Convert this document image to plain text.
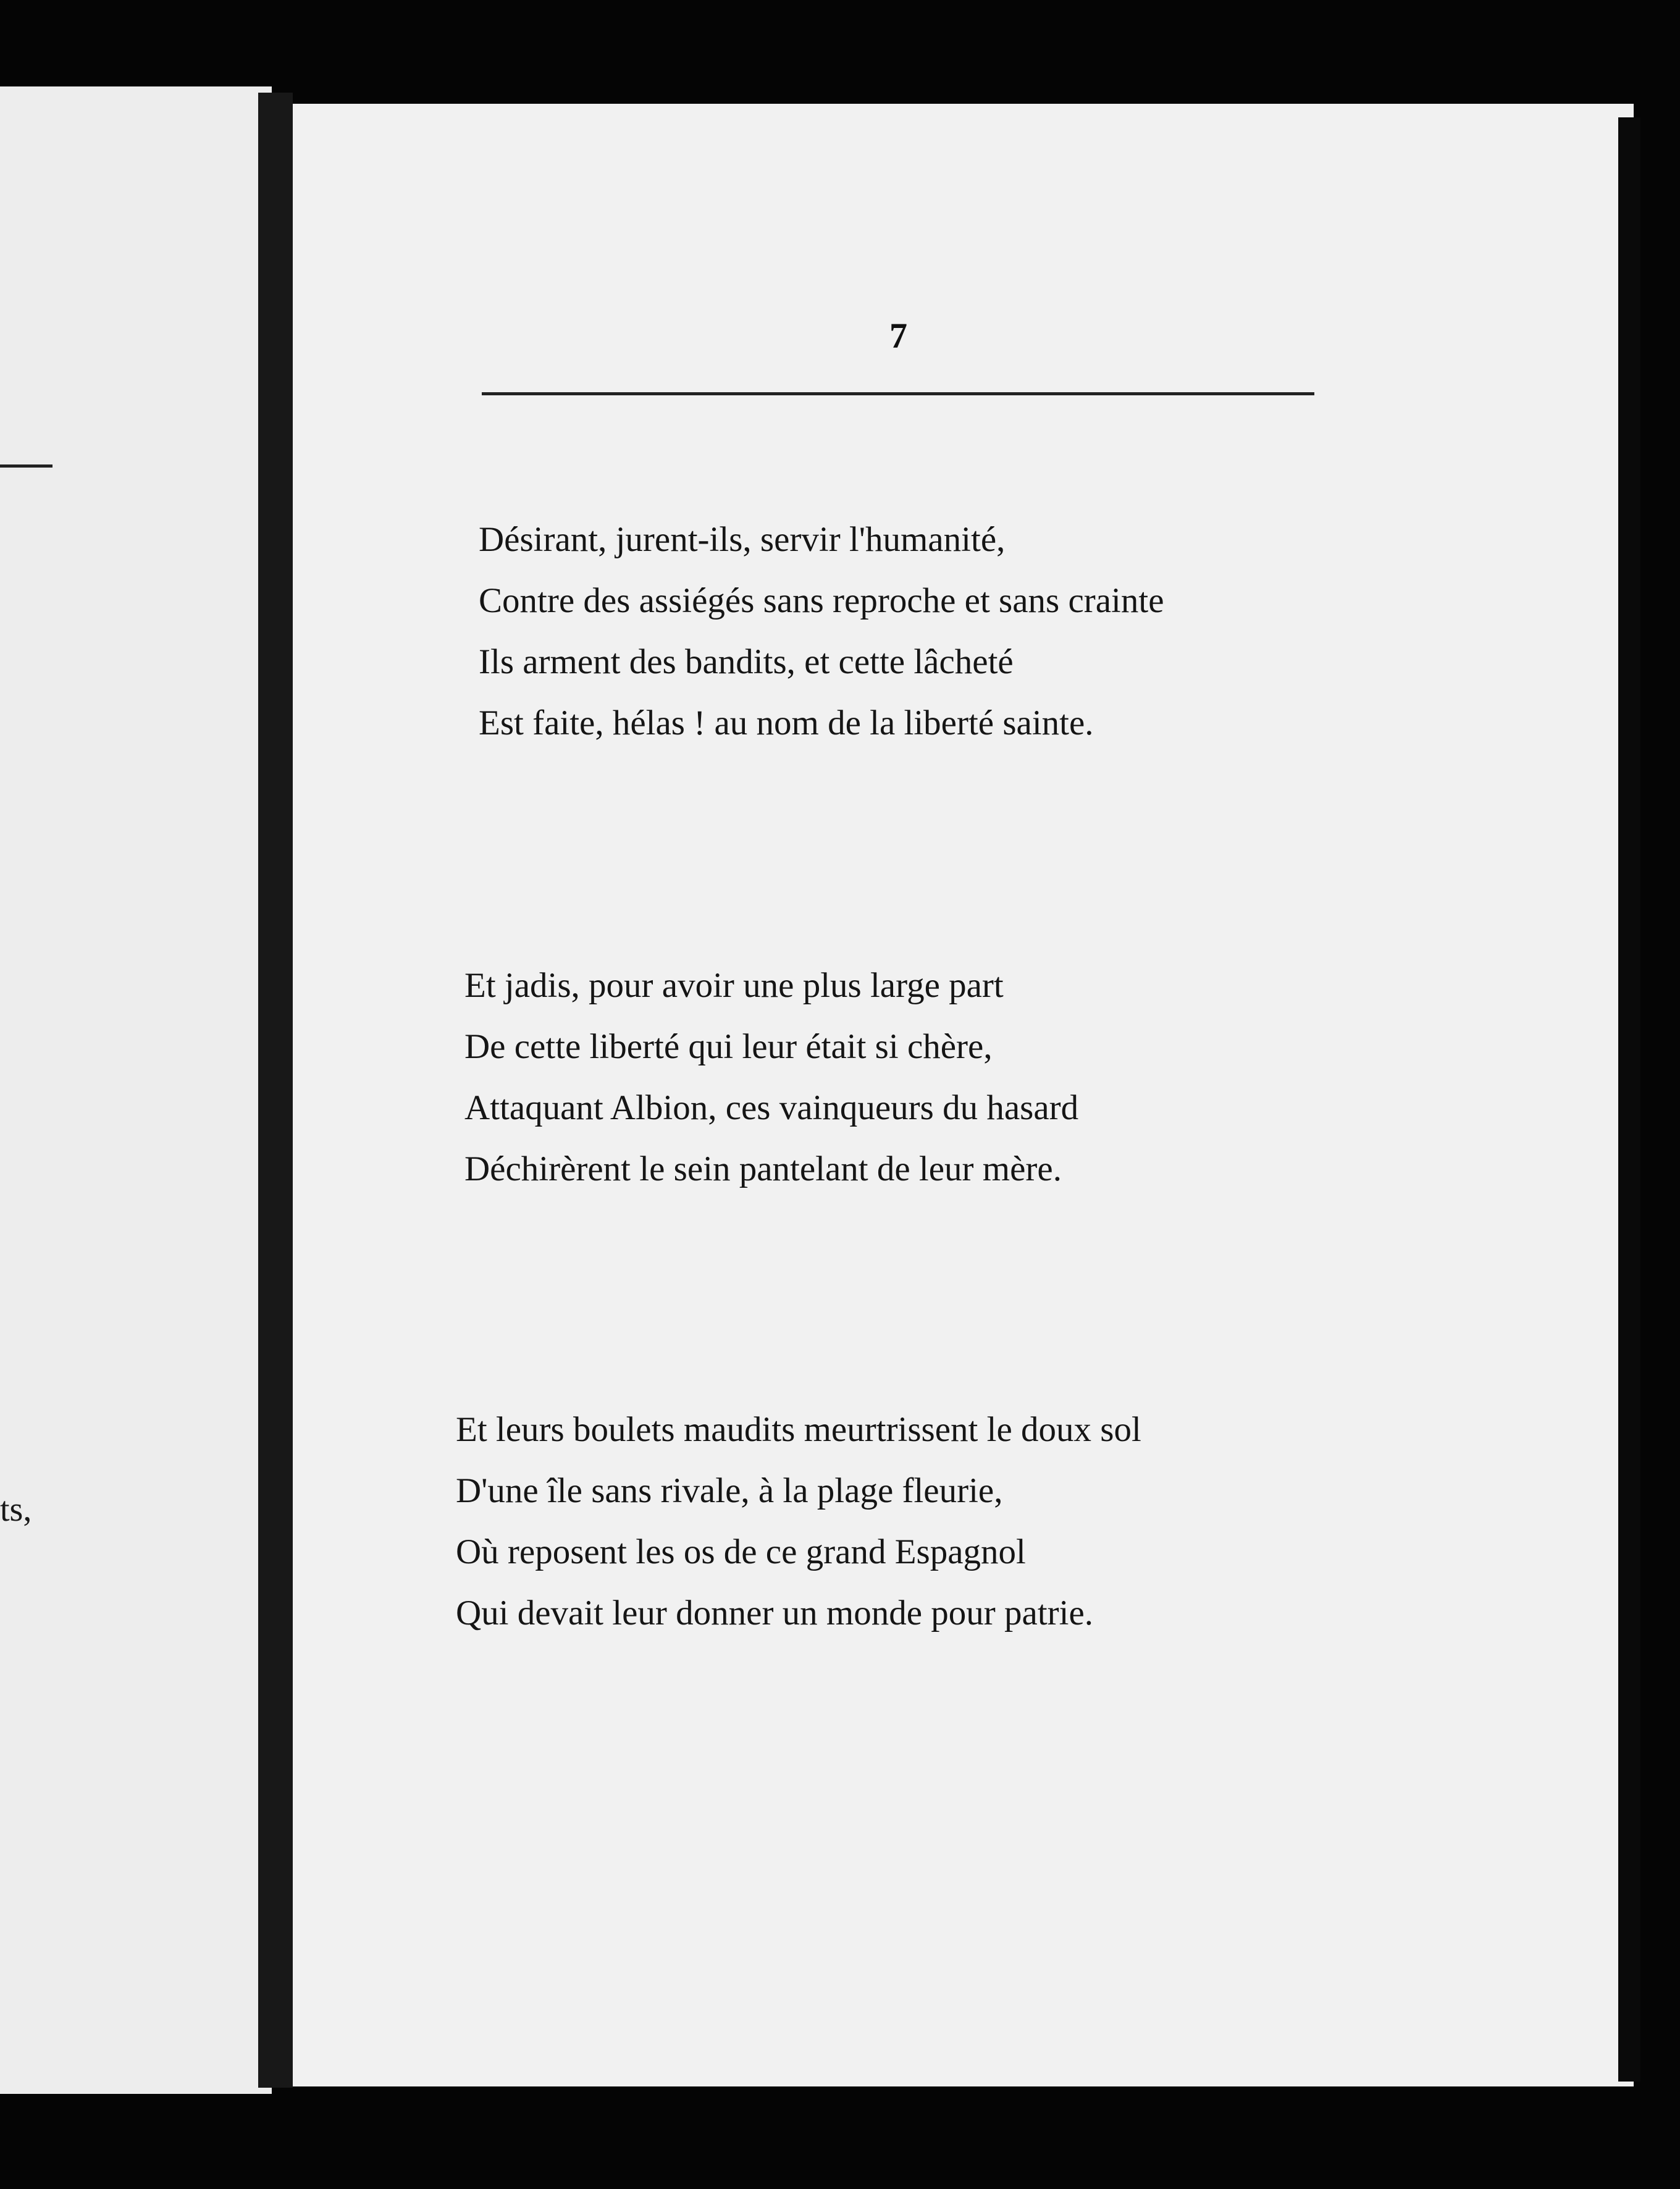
ts,
7
Désirant, jurent-ils, servir l'humanité,
Contre des assiégés sans reproche et sans crainte
Ils arment des bandits, et cette lâcheté
Est faite, hélas ! au nom de la liberté sainte.
Et jadis, pour avoir une plus large part
De cette liberté qui leur était si chère,
Attaquant Albion, ces vainqueurs du hasard
Déchirèrent le sein pantelant de leur mère.
Et leurs boulets maudits meurtrissent le doux sol
D'une île sans rivale, à la plage fleurie,
Où reposent les os de ce grand Espagnol
Qui devait leur donner un monde pour patrie.
